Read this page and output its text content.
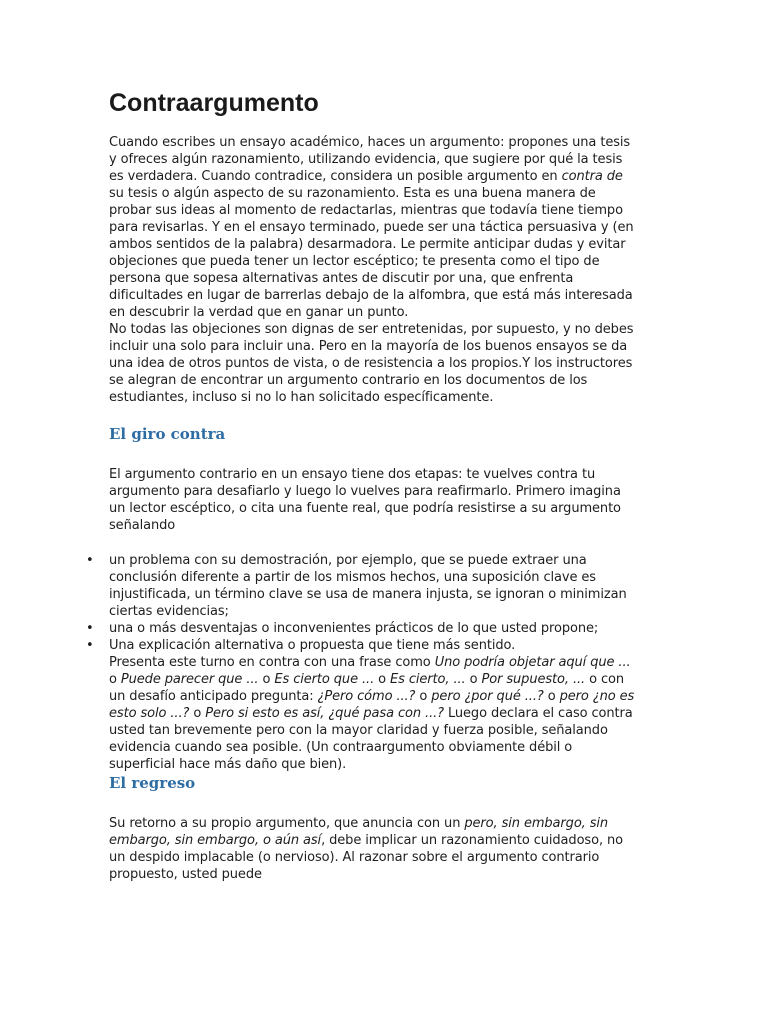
Contraargumento

Cuando escribes un ensayo académico, haces un argumento: propones una tesis y ofreces algún razonamiento, utilizando evidencia, que sugiere por qué la tesis es verdadera. Cuando contradice, considera un posible argumento en contra de su tesis o algún aspecto de su razonamiento. Esta es una buena manera de probar sus ideas al momento de redactarlas, mientras que todavía tiene tiempo para revisarlas. Y en el ensayo terminado, puede ser una táctica persuasiva y (en ambos sentidos de la palabra) desarmadora. Le permite anticipar dudas y evitar objeciones que pueda tener un lector escéptico; te presenta como el tipo de persona que sopesa alternativas antes de discutir por una, que enfrenta dificultades en lugar de barrerlas debajo de la alfombra, que está más interesada en descubrir la verdad que en ganar un punto.

No todas las objeciones son dignas de ser entretenidas, por supuesto, y no debes incluir una solo para incluir una. Pero en la mayoría de los buenos ensayos se da una idea de otros puntos de vista, o de resistencia a los propios.Y los instructores se alegran de encontrar un argumento contrario en los documentos de los estudiantes, incluso si no lo han solicitado específicamente.

El giro contra

El argumento contrario en un ensayo tiene dos etapas: te vuelves contra tu argumento para desafiarlo y luego lo vuelves para reafirmarlo. Primero imagina un lector escéptico, o cita una fuente real, que podría resistirse a su argumento señalando

• un problema con su demostración, por ejemplo, que se puede extraer una conclusión diferente a partir de los mismos hechos, una suposición clave es injustificada, un término clave se usa de manera injusta, se ignoran o minimizan ciertas evidencias;
• una o más desventajas o inconvenientes prácticos de lo que usted propone;
• Una explicación alternativa o propuesta que tiene más sentido.
Presenta este turno en contra con una frase como Uno podría objetar aquí que ... o Puede parecer que ... o Es cierto que ... o Es cierto, ... o Por supuesto, ... o con un desafío anticipado pregunta: ¿Pero cómo ...? o pero ¿por qué ...? o pero ¿no es esto solo ...? o Pero si esto es así, ¿qué pasa con ...? Luego declara el caso contra usted tan brevemente pero con la mayor claridad y fuerza posible, señalando evidencia cuando sea posible. (Un contraargumento obviamente débil o superficial hace más daño que bien).
El regreso

Su retorno a su propio argumento, que anuncia con un pero, sin embargo, sin embargo, sin embargo, o aún así, debe implicar un razonamiento cuidadoso, no un despido implacable (o nervioso). Al razonar sobre el argumento contrario propuesto, usted puede
